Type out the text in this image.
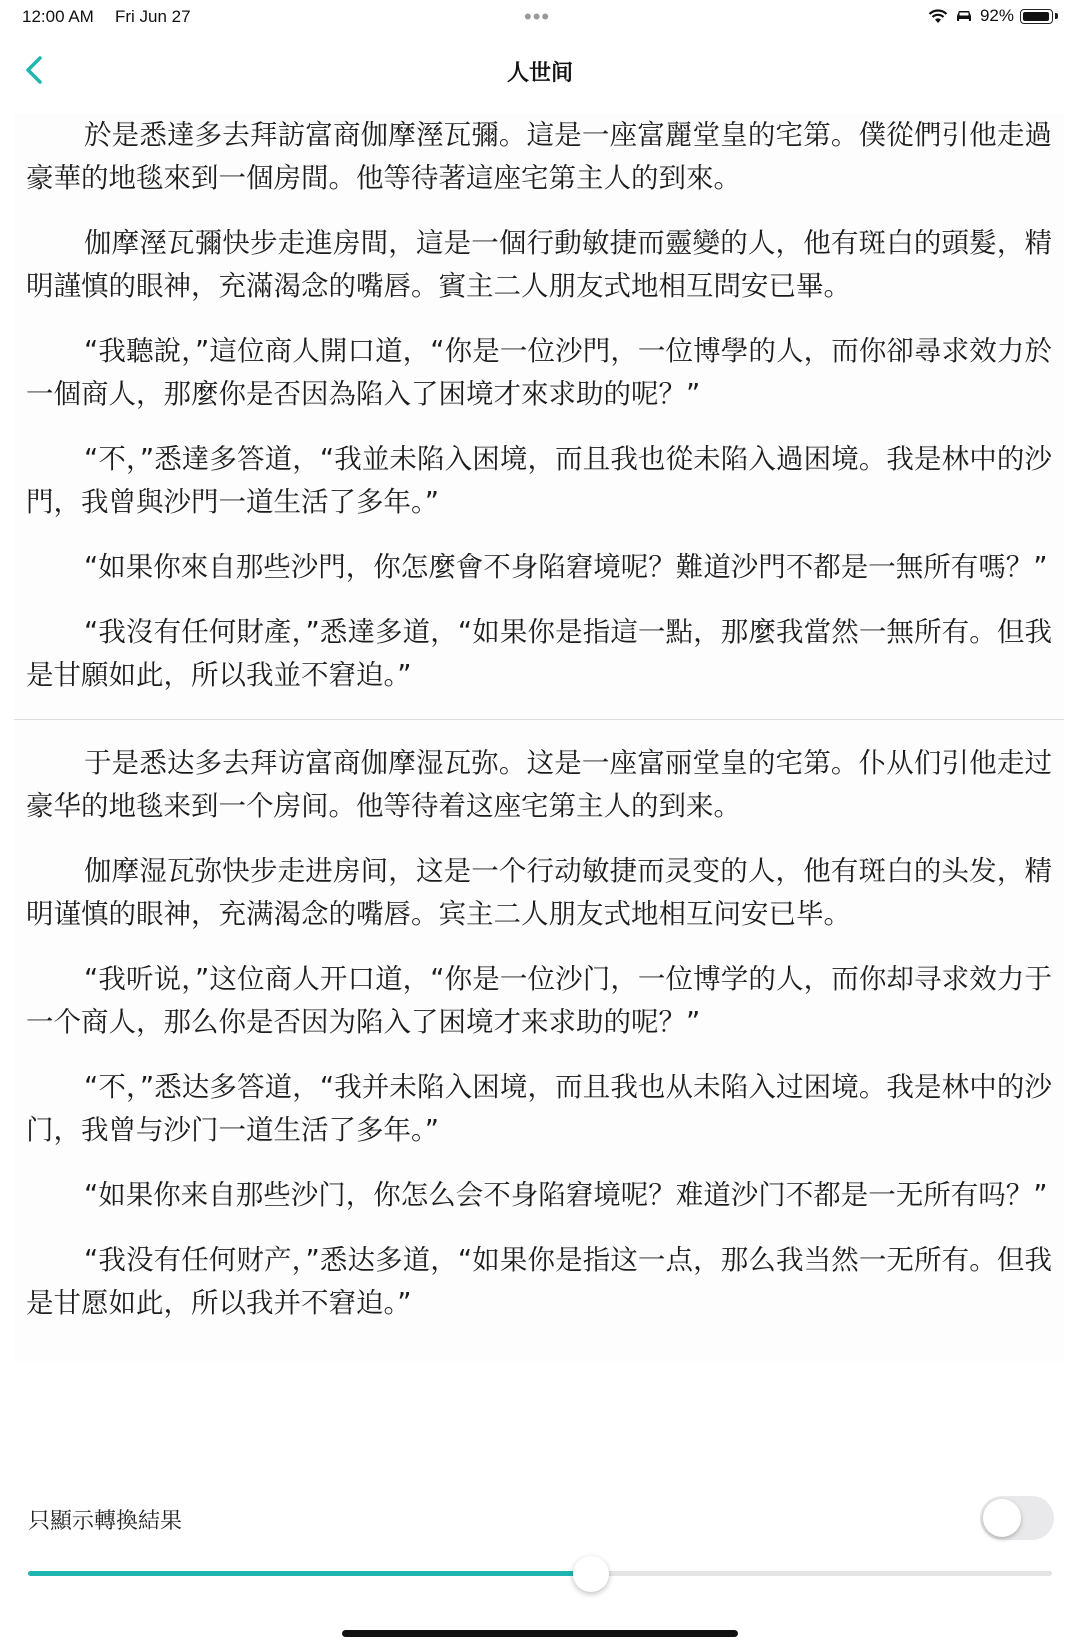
12:00 AM Fri Jun 27	•••	92%
人世间

於是悉達多去拜訪富商伽摩溼瓦彌。這是一座富麗堂皇的宅第。僕從們引他走過豪華的地毯來到一個房間。他等待著這座宅第主人的到來。

伽摩溼瓦彌快步走進房間，這是一個行動敏捷而靈變的人，他有斑白的頭髮，精明謹慎的眼神，充滿渴念的嘴唇。賓主二人朋友式地相互問安已畢。

“我聽說，”這位商人開口道，“你是一位沙門，一位博學的人，而你卻尋求效力於一個商人，那麼你是否因為陷入了困境才來求助的呢？”

“不，”悉達多答道，“我並未陷入困境，而且我也從未陷入過困境。我是林中的沙門，我曾與沙門一道生活了多年。”

“如果你來自那些沙門，你怎麼會不身陷窘境呢？難道沙門不都是一無所有嗎？”

“我沒有任何財產，”悉達多道，“如果你是指這一點，那麼我當然一無所有。但我是甘願如此，所以我並不窘迫。”

于是悉达多去拜访富商伽摩湿瓦弥。这是一座富丽堂皇的宅第。仆从们引他走过豪华的地毯来到一个房间。他等待着这座宅第主人的到来。

伽摩湿瓦弥快步走进房间，这是一个行动敏捷而灵变的人，他有斑白的头发，精明谨慎的眼神，充满渴念的嘴唇。宾主二人朋友式地相互问安已毕。

“我听说，”这位商人开口道，“你是一位沙门，一位博学的人，而你却寻求效力于一个商人，那么你是否因为陷入了困境才来求助的呢？”

“不，”悉达多答道，“我并未陷入困境，而且我也从未陷入过困境。我是林中的沙门，我曾与沙门一道生活了多年。”

“如果你来自那些沙门，你怎么会不身陷窘境呢？难道沙门不都是一无所有吗？”

“我没有任何财产，”悉达多道，“如果你是指这一点，那么我当然一无所有。但我是甘愿如此，所以我并不窘迫。”

只顯示轉換結果
